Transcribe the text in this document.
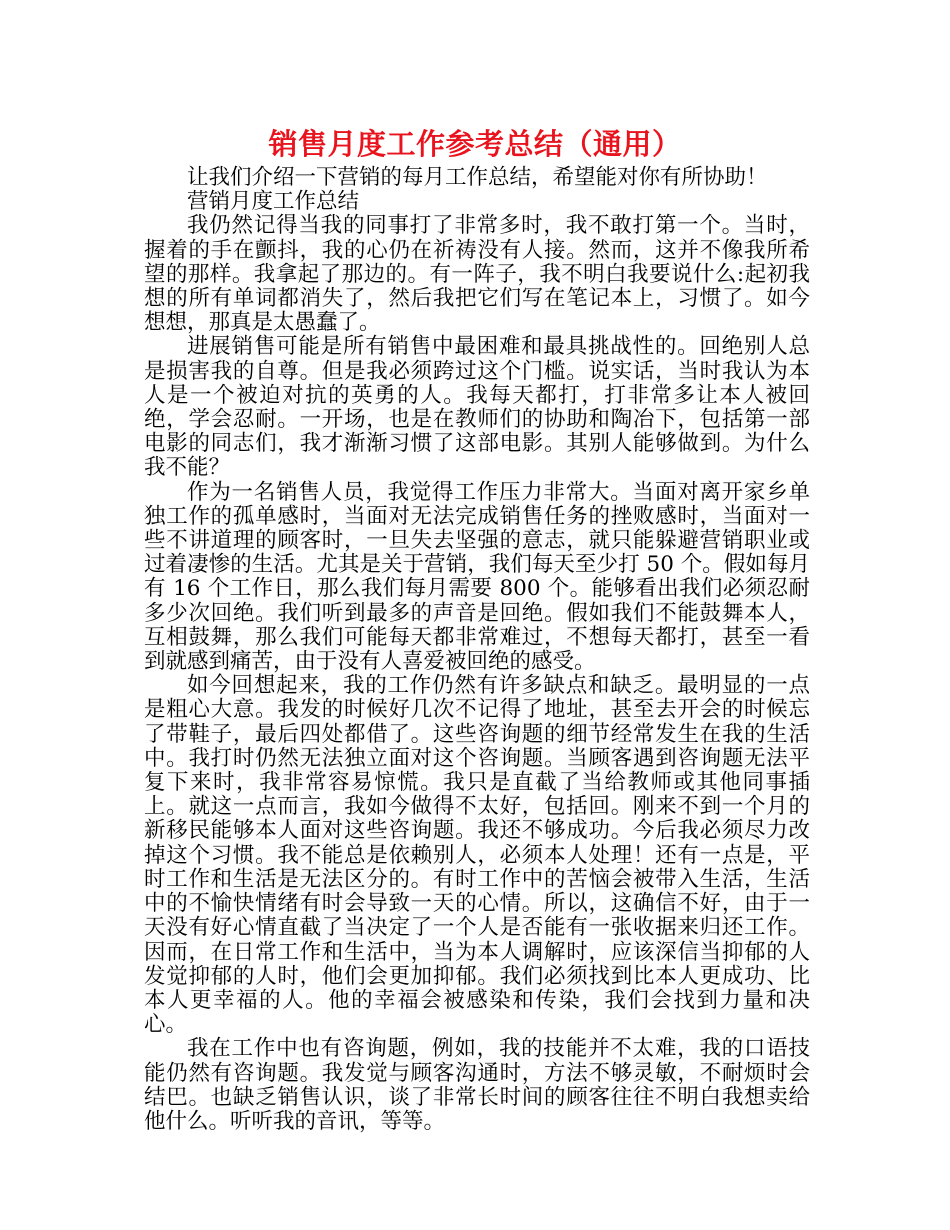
销售月度工作参考总结（通用）

让我们介绍一下营销的每月工作总结，希望能对你有所协助！

营销月度工作总结

我仍然记得当我的同事打了非常多时，我不敢打第一个。当时，握着的手在颤抖，我的心仍在祈祷没有人接。然而，这并不像我所希望的那样。我拿起了那边的。有一阵子，我不明白我要说什么:起初我想的所有单词都消失了，然后我把它们写在笔记本上，习惯了。如今想想，那真是太愚蠢了。

进展销售可能是所有销售中最困难和最具挑战性的。回绝别人总是损害我的自尊。但是我必须跨过这个门槛。说实话，当时我认为本人是一个被迫对抗的英勇的人。我每天都打，打非常多让本人被回绝，学会忍耐。一开场，也是在教师们的协助和陶冶下，包括第一部电影的同志们，我才渐渐习惯了这部电影。其别人能够做到。为什么我不能？

作为一名销售人员，我觉得工作压力非常大。当面对离开家乡单独工作的孤单感时，当面对无法完成销售任务的挫败感时，当面对一些不讲道理的顾客时，一旦失去坚强的意志，就只能躲避营销职业或过着凄惨的生活。尤其是关于营销，我们每天至少打 50 个。假如每月有 16 个工作日，那么我们每月需要 800 个。能够看出我们必须忍耐多少次回绝。我们听到最多的声音是回绝。假如我们不能鼓舞本人，互相鼓舞，那么我们可能每天都非常难过，不想每天都打，甚至一看到就感到痛苦，由于没有人喜爱被回绝的感受。

如今回想起来，我的工作仍然有许多缺点和缺乏。最明显的一点是粗心大意。我发的时候好几次不记得了地址，甚至去开会的时候忘了带鞋子，最后四处都借了。这些咨询题的细节经常发生在我的生活中。我打时仍然无法独立面对这个咨询题。当顾客遇到咨询题无法平复下来时，我非常容易惊慌。我只是直截了当给教师或其他同事插上。就这一点而言，我如今做得不太好，包括回。刚来不到一个月的新移民能够本人面对这些咨询题。我还不够成功。今后我必须尽力改掉这个习惯。我不能总是依赖别人，必须本人处理！还有一点是，平时工作和生活是无法区分的。有时工作中的苦恼会被带入生活，生活中的不愉快情绪有时会导致一天的心情。所以，这确信不好，由于一天没有好心情直截了当决定了一个人是否能有一张收据来归还工作。因而，在日常工作和生活中，当为本人调解时，应该深信当抑郁的人发觉抑郁的人时，他们会更加抑郁。我们必须找到比本人更成功、比本人更幸福的人。他的幸福会被感染和传染，我们会找到力量和决心。

我在工作中也有咨询题，例如，我的技能并不太难，我的口语技能仍然有咨询题。我发觉与顾客沟通时，方法不够灵敏，不耐烦时会结巴。也缺乏销售认识，谈了非常长时间的顾客往往不明白我想卖给他什么。听听我的音讯，等等。
